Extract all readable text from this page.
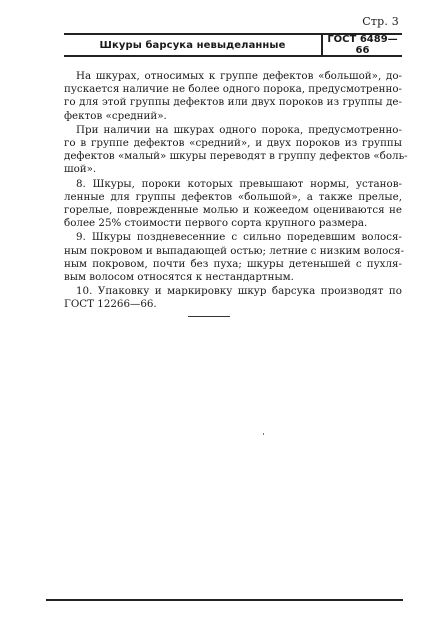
Стр. 3
Шкуры барсука невыделанные	ГОСТ 6489—66

На шкурах, относимых к группе дефектов «большой», до-
пускается наличие не более одного порока, предусмотренно-
го для этой группы дефектов или двух пороков из группы де-
фектов «средний».

При наличии на шкурах одного порока, предусмотренно-
го в группе дефектов «средний», и двух пороков из группы
дефектов «малый» шкуры переводят в группу дефектов «боль-
шой».

8. Шкуры, пороки которых превышают нормы, установ-
ленные для группы дефектов «большой», а также прелые,
горелые, поврежденные молью и кожеедом оцениваются не
более 25% стоимости первого сорта крупного размера.

9. Шкуры поздневесенние с сильно поредевшим волося-
ным покровом и выпадающей остью; летние с низким волося-
ным покровом, почти без пуха; шкуры детенышей с пухля-
вым волосом относятся к нестандартным.

10. Упаковку и маркировку шкур барсука производят по
ГОСТ 12266—66.
